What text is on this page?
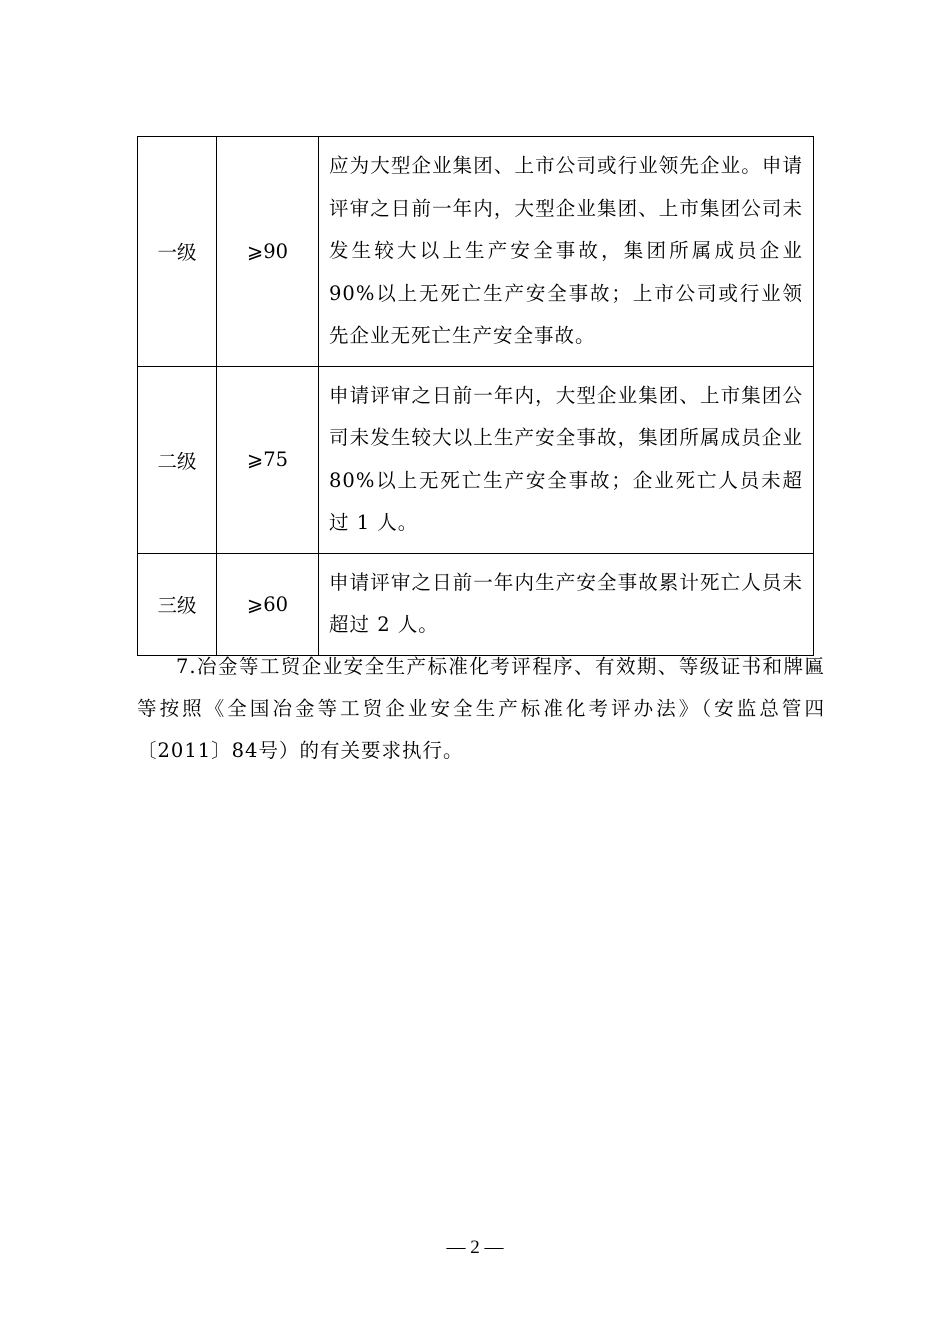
一级	⩾90	应为大型企业集团、上市公司或行业领先企业。申请评审之日前一年内，大型企业集团、上市集团公司未发生较大以上生产安全事故，集团所属成员企业 90%以上无死亡生产安全事故；上市公司或行业领先企业无死亡生产安全事故。
二级	⩾75	申请评审之日前一年内，大型企业集团、上市集团公司未发生较大以上生产安全事故，集团所属成员企业 80%以上无死亡生产安全事故；企业死亡人员未超过 1 人。
三级	⩾60	申请评审之日前一年内生产安全事故累计死亡人员未超过 2 人。

7.冶金等工贸企业安全生产标准化考评程序、有效期、等级证书和牌匾等按照《全国冶金等工贸企业安全生产标准化考评办法》（安监总管四〔2011〕84号）的有关要求执行。

— 2 —
